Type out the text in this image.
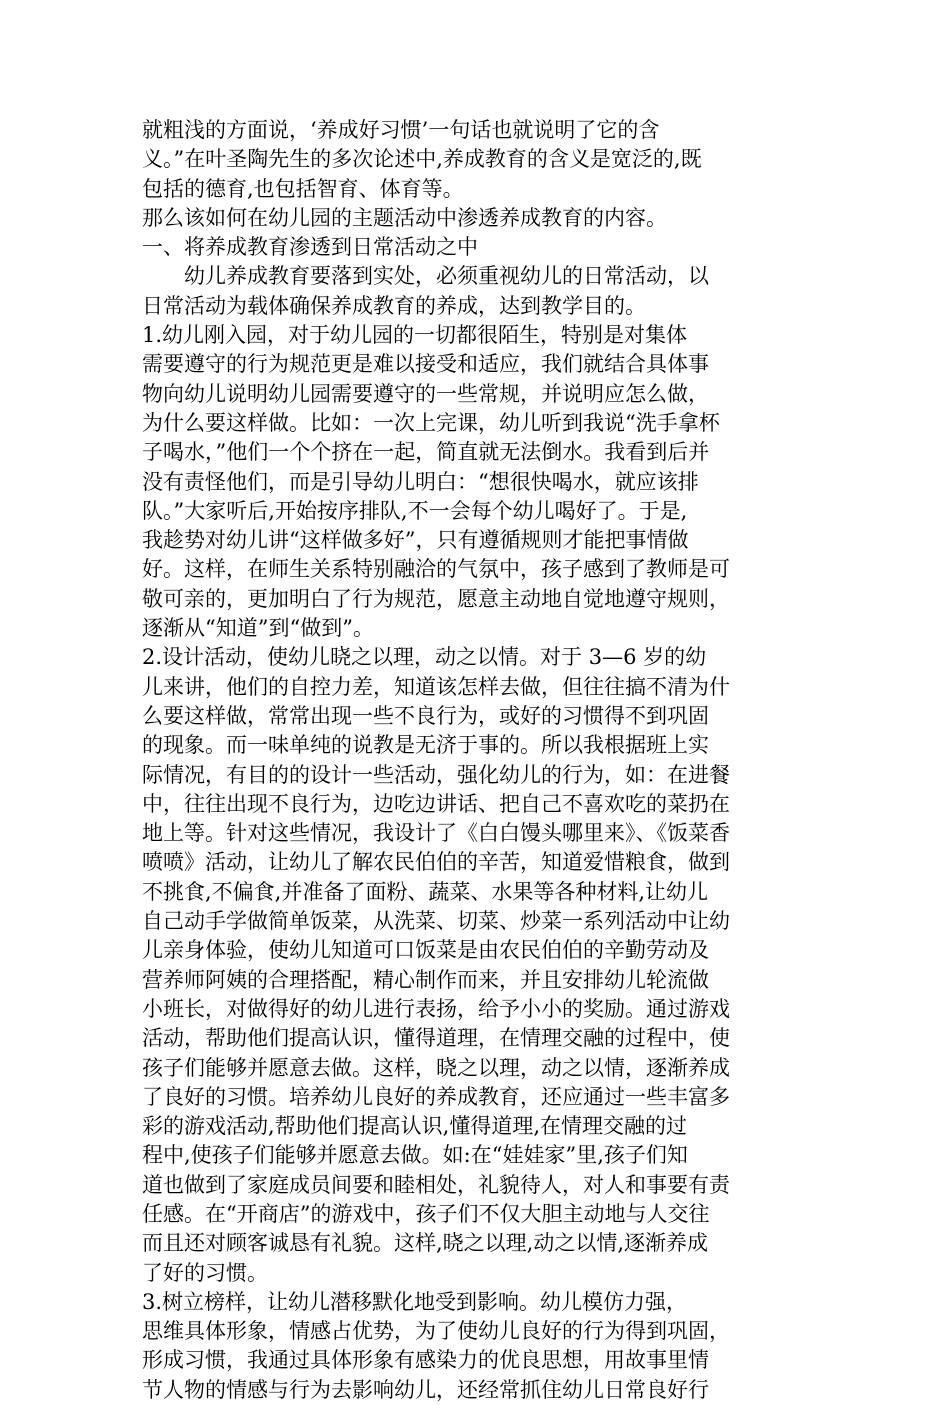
就粗浅的方面说，‘养成好习惯’一句话也就说明了它的含
义。”在叶圣陶先生的多次论述中,养成教育的含义是宽泛的,既
包括的德育,也包括智育、体育等。
那么该如何在幼儿园的主题活动中渗透养成教育的内容。
一、将养成教育渗透到日常活动之中
幼儿养成教育要落到实处，必须重视幼儿的日常活动，以
日常活动为载体确保养成教育的养成，达到教学目的。
1.幼儿刚入园，对于幼儿园的一切都很陌生，特别是对集体
需要遵守的行为规范更是难以接受和适应，我们就结合具体事
物向幼儿说明幼儿园需要遵守的一些常规，并说明应怎么做，
为什么要这样做。比如：一次上完课，幼儿听到我说“洗手拿杯
子喝水，”他们一个个挤在一起，简直就无法倒水。我看到后并
没有责怪他们，而是引导幼儿明白：“想很快喝水，就应该排
队。”大家听后,开始按序排队,不一会每个幼儿喝好了。于是,
我趁势对幼儿讲“这样做多好”，只有遵循规则才能把事情做
好。这样，在师生关系特别融洽的气氛中，孩子感到了教师是可
敬可亲的，更加明白了行为规范，愿意主动地自觉地遵守规则，
逐渐从“知道”到“做到”。
2.设计活动，使幼儿晓之以理，动之以情。对于 3—6 岁的幼
儿来讲，他们的自控力差，知道该怎样去做，但往往搞不清为什
么要这样做，常常出现一些不良行为，或好的习惯得不到巩固
的现象。而一味单纯的说教是无济于事的。所以我根据班上实
际情况，有目的的设计一些活动，强化幼儿的行为，如：在进餐
中，往往出现不良行为，边吃边讲话、把自己不喜欢吃的菜扔在
地上等。针对这些情况，我设计了《白白馒头哪里来》、《饭菜香
喷喷》活动，让幼儿了解农民伯伯的辛苦，知道爱惜粮食，做到
不挑食,不偏食,并准备了面粉、蔬菜、水果等各种材料,让幼儿
自己动手学做简单饭菜，从洗菜、切菜、炒菜一系列活动中让幼
儿亲身体验，使幼儿知道可口饭菜是由农民伯伯的辛勤劳动及
营养师阿姨的合理搭配，精心制作而来，并且安排幼儿轮流做
小班长，对做得好的幼儿进行表扬，给予小小的奖励。通过游戏
活动，帮助他们提高认识，懂得道理，在情理交融的过程中，使
孩子们能够并愿意去做。这样，晓之以理，动之以情，逐渐养成
了良好的习惯。培养幼儿良好的养成教育，还应通过一些丰富多
彩的游戏活动,帮助他们提高认识,懂得道理,在情理交融的过
程中,使孩子们能够并愿意去做。如:在“娃娃家”里,孩子们知
道也做到了家庭成员间要和睦相处，礼貌待人，对人和事要有责
任感。在“开商店”的游戏中，孩子们不仅大胆主动地与人交往
而且还对顾客诚恳有礼貌。这样,晓之以理,动之以情,逐渐养成
了好的习惯。
3.树立榜样，让幼儿潜移默化地受到影响。幼儿模仿力强，
思维具体形象，情感占优势，为了使幼儿良好的行为得到巩固，
形成习惯，我通过具体形象有感染力的优良思想，用故事里情
节人物的情感与行为去影响幼儿，还经常抓住幼儿日常良好行
